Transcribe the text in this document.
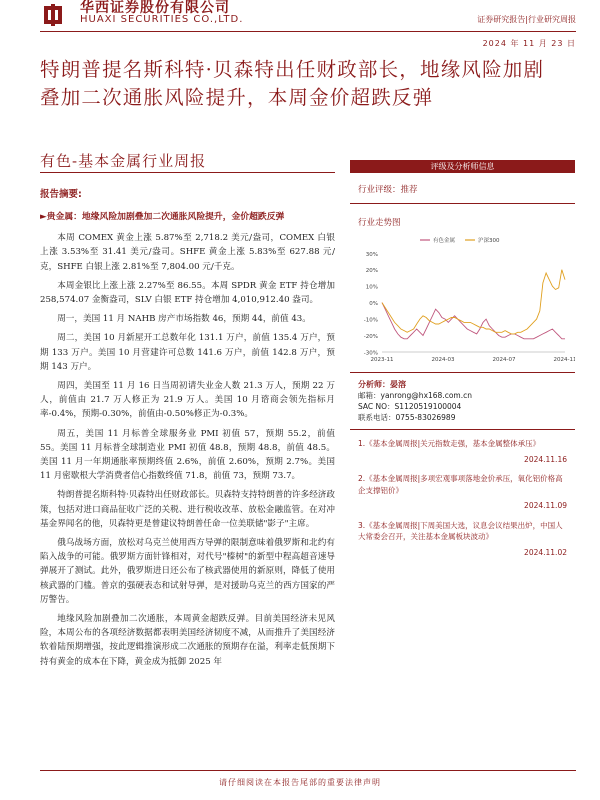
华西证券股份有限公司
HUAXI SECURITIES CO.,LTD.	证券研究报告|行业研究周报
2024 年 11 月 23 日
特朗普提名斯科特·贝森特出任财政部长，地缘风险加剧叠加二次通胀风险提升，本周金价超跌反弹
有色-基本金属行业周报
报告摘要:
►贵金属：地缘风险加剧叠加二次通胀风险提升，金价超跌反弹

本周 COMEX 黄金上涨 5.87%至 2,718.2 美元/盎司，COMEX 白银上涨 3.53%至 31.41 美元/盎司。SHFE 黄金上涨 5.83%至 627.88 元/克，SHFE 白银上涨 2.81%至 7,804.00 元/千克。

本周金银比上涨上涨 2.27%至 86.55。本周 SPDR 黄金 ETF 持仓增加 258,574.07 金衡盎司，SLV 白银 ETF 持仓增加 4,010,912.40 盎司。

周一，美国 11 月 NAHB 房产市场指数 46，预期 44，前值 43。

周二，美国 10 月新屋开工总数年化 131.1 万户，前值 135.4 万户，预期 133 万户。美国 10 月营建许可总数 141.6 万户，前值 142.8 万户，预期 143 万户。

周四，美国至 11 月 16 日当周初请失业金人数 21.3 万人，预期 22 万人，前值由 21.7 万人修正为 21.9 万人。美国 10 月谘商会领先指标月率-0.4%，预期-0.30%，前值由-0.50%修正为-0.3%。

周五，美国 11 月标普全球服务业 PMI 初值 57，预期 55.2，前值 55。美国 11 月标普全球制造业 PMI 初值 48.8，预期 48.8，前值 48.5。美国 11 月一年期通胀率预期终值 2.6%，前值 2.60%，预期 2.7%。美国 11 月密歇根大学消费者信心指数终值 71.8，前值 73，预期 73.7。

特朗普提名斯科特·贝森特出任财政部长。贝森特支持特朗普的许多经济政策，包括对进口商品征收广泛的关税、进行税收改革、放松金融监管。在对冲基金界闻名的他，贝森特更是曾建议特朗普任命一位美联储"影子"主席。

俄乌战场方面，放松对乌克兰使用西方导弹的限制意味着俄罗斯和北约有陷入战争的可能。俄罗斯方面针锋相对，对代号"榛树"的新型中程高超音速导弹展开了测试。此外，俄罗斯进日还公布了核武器使用的新原则，降低了使用核武器的门槛。普京的强硬表态和试射导弹，是对援助乌克兰的西方国家的严厉警告。

地缘风险加剧叠加二次通胀，本周黄金超跌反弹。目前美国经济未见风险，本周公布的各项经济数据都表明美国经济韧度不减，从而推升了美国经济软着陆预期增强，按此逻辑推演形成二次通胀的预期存在溢，利率走低预期下持有黄金的成本在下降，黄金成为抵御 2025 年

评级及分析师信息
行业评级：推荐
行业走势图
30%
20%
10%
0%
-10%
-20%
-30%
2023-11	2024-03	2024-07	2024-11
有色金属	沪深300
分析师：晏溶
邮箱：yanrong@hx168.com.cn
SAC NO：S1120519100004
联系电话：0755-83026989
1.《基本金属周报|关元指数走强，基本金属整体承压》
2024.11.16
2.《基本金属周报|多项宏观事项落地金价承压，氧化铝价格高企支撑铝价》
2024.11.09
3.《基本金属周报|下周美国大选，议息会议结果出炉，中国人大常委会召开，关注基本金属板块波动》
2024.11.02
请仔细阅读在本报告尾部的重要法律声明
